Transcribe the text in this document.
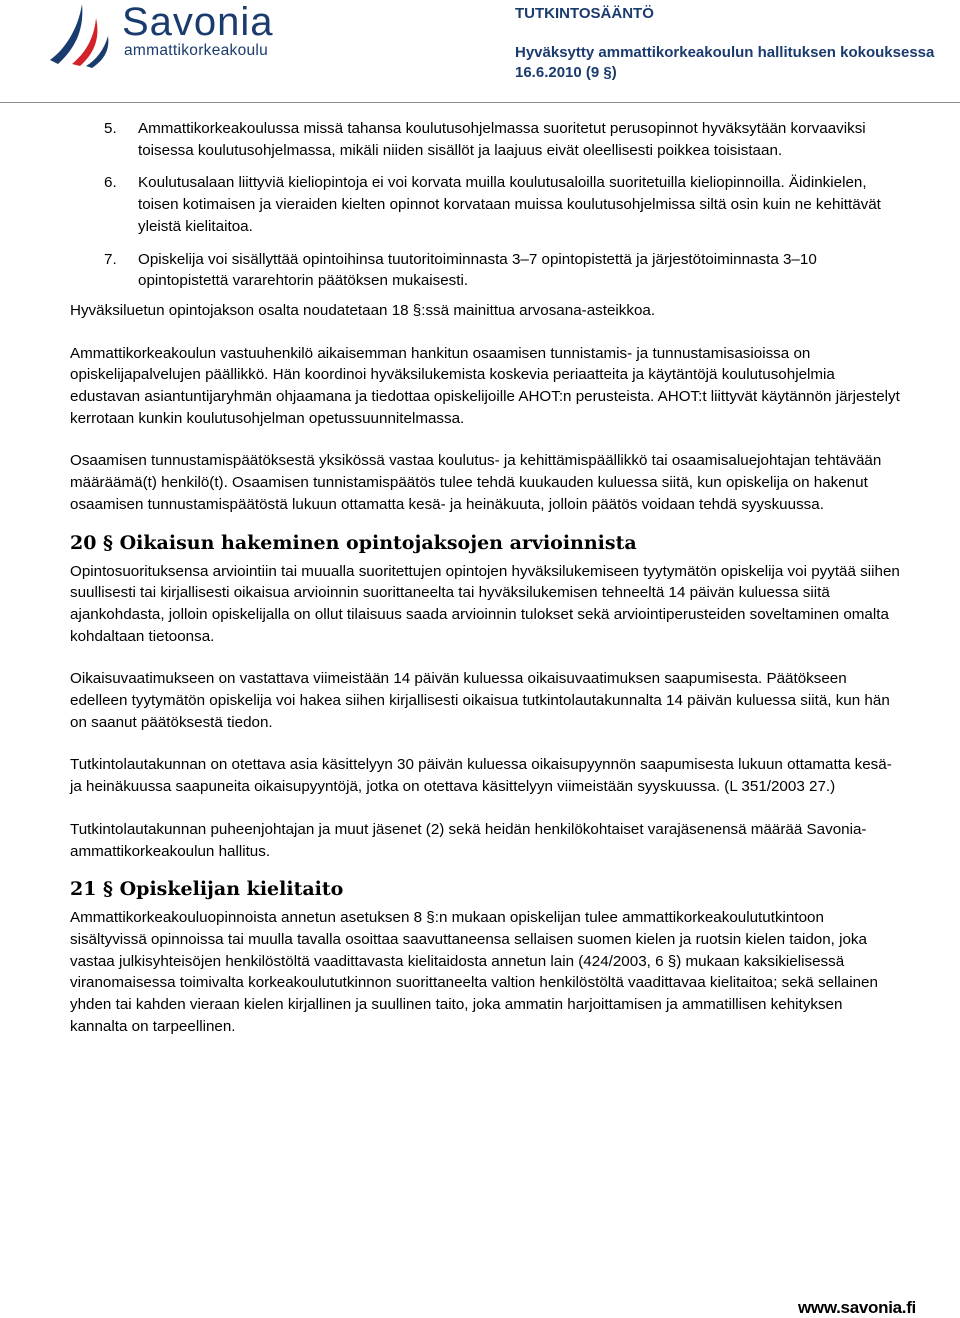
Savonia
ammattikorkeakoulu
TUTKINTOSÄÄNTÖ
Hyväksytty ammattikorkeakoulun hallituksen kokouksessa 16.6.2010 (9 §)
5.	Ammattikorkeakoulussa missä tahansa koulutusohjelmassa suoritetut perusopinnot hyväksytään korvaaviksi toisessa koulutusohjelmassa, mikäli niiden sisällöt ja laajuus eivät oleellisesti poikkea toisistaan.
6.	Koulutusalaan liittyviä kieliopintoja ei voi korvata muilla koulutusaloilla suoritetuilla kieliopinnoilla. Äidinkielen, toisen kotimaisen ja vieraiden kielten opinnot korvataan muissa koulutusohjelmissa siltä osin kuin ne kehittävät yleistä kielitaitoa.
7.	Opiskelija voi sisällyttää opintoihinsa tuutoritoiminnasta 3–7 opintopistettä ja järjestötoiminnasta 3–10 opintopistettä vararehtorin päätöksen mukaisesti.

Hyväksiluetun opintojakson osalta noudatetaan 18 §:ssä mainittua arvosana-asteikkoa.

Ammattikorkeakoulun vastuuhenkilö aikaisemman hankitun osaamisen tunnistamis- ja tunnustamisasioissa on opiskelijapalvelujen päällikkö. Hän koordinoi hyväksilukemista koskevia periaatteita ja käytäntöjä koulutusohjelmia edustavan asiantuntijaryhmän ohjaamana ja tiedottaa opiskelijoille AHOT:n perusteista. AHOT:t liittyvät käytännön järjestelyt kerrotaan kunkin koulutusohjelman opetussuunnitelmassa.

Osaamisen tunnustamispäätöksestä yksikössä vastaa koulutus- ja kehittämispäällikkö tai osaamisaluejohtajan tehtävään määräämä(t) henkilö(t). Osaamisen tunnistamispäätös tulee tehdä kuukauden kuluessa siitä, kun opiskelija on hakenut osaamisen tunnustamispäätöstä lukuun ottamatta kesä- ja heinäkuuta, jolloin päätös voidaan tehdä syyskuussa.

20 § Oikaisun hakeminen opintojaksojen arvioinnista

Opintosuorituksensa arviointiin tai muualla suoritettujen opintojen hyväksilukemiseen tyytymätön opiskelija voi pyytää siihen suullisesti tai kirjallisesti oikaisua arvioinnin suorittaneelta tai hyväksilukemisen tehneeltä 14 päivän kuluessa siitä ajankohdasta, jolloin opiskelijalla on ollut tilaisuus saada arvioinnin tulokset sekä arviointiperusteiden soveltaminen omalta kohdaltaan tietoonsa.

Oikaisuvaatimukseen on vastattava viimeistään 14 päivän kuluessa oikaisuvaatimuksen saapumisesta. Päätökseen edelleen tyytymätön opiskelija voi hakea siihen kirjallisesti oikaisua tutkintolautakunnalta 14 päivän kuluessa siitä, kun hän on saanut päätöksestä tiedon.

Tutkintolautakunnan on otettava asia käsittelyyn 30 päivän kuluessa oikaisupyynnön saapumisesta lukuun ottamatta kesä- ja heinäkuussa saapuneita oikaisupyyntöjä, jotka on otettava käsittelyyn viimeistään syyskuussa. (L 351/2003 27.)

Tutkintolautakunnan puheenjohtajan ja muut jäsenet (2) sekä heidän henkilökohtaiset varajäsenensä määrää Savonia-ammattikorkeakoulun hallitus.

21 § Opiskelijan kielitaito

Ammattikorkeakouluopinnoista annetun asetuksen 8 §:n mukaan opiskelijan tulee ammattikorkeakoulututkintoon sisältyvissä opinnoissa tai muulla tavalla osoittaa saavuttaneensa sellaisen suomen kielen ja ruotsin kielen taidon, joka vastaa julkisyhteisöjen henkilöstöltä vaadittavasta kielitaidosta annetun lain (424/2003, 6 §) mukaan kaksikielisessä viranomaisessa toimivalta korkeakoulututkinnon suorittaneelta valtion henkilöstöltä vaadittavaa kielitaitoa; sekä sellainen yhden tai kahden vieraan kielen kirjallinen ja suullinen taito, joka ammatin harjoittamisen ja ammatillisen kehityksen kannalta on tarpeellinen.

www.savonia.fi
